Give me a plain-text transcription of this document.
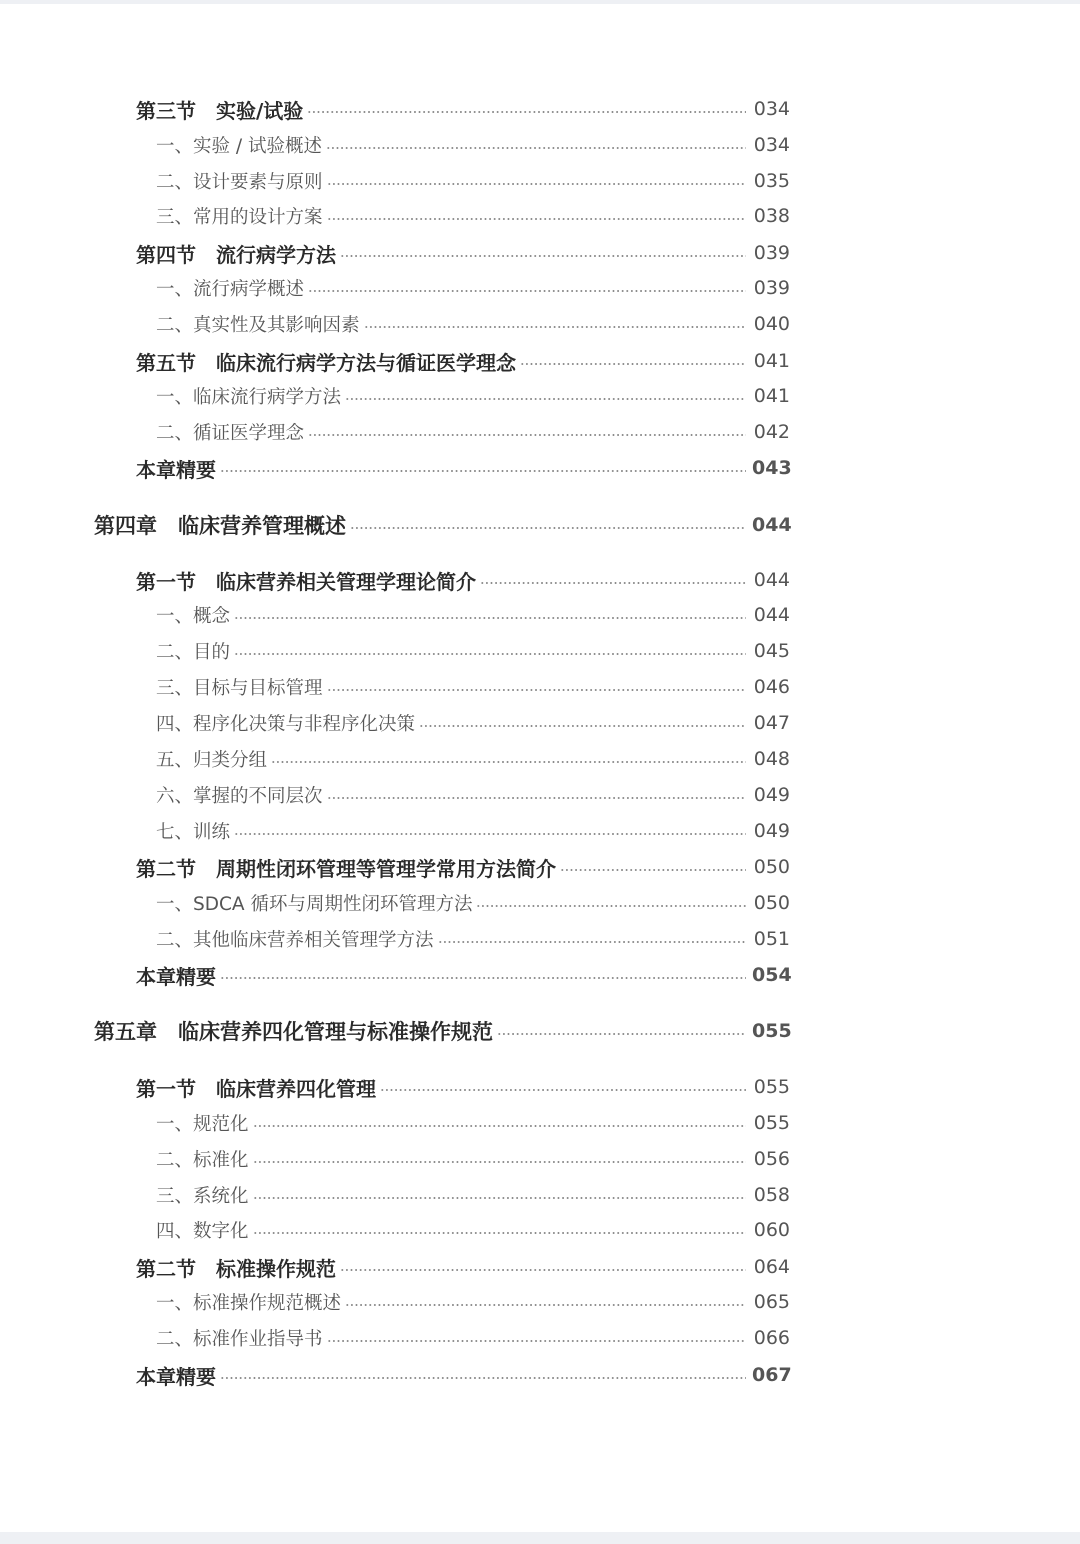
第三节　实验/试验	034
一、实验 / 试验概述	034
二、设计要素与原则	035
三、常用的设计方案	038
第四节　流行病学方法	039
一、流行病学概述	039
二、真实性及其影响因素	040
第五节　临床流行病学方法与循证医学理念	041
一、临床流行病学方法	041
二、循证医学理念	042
本章精要	043
第四章　临床营养管理概述	044
第一节　临床营养相关管理学理论简介	044
一、概念	044
二、目的	045
三、目标与目标管理	046
四、程序化决策与非程序化决策	047
五、归类分组	048
六、掌握的不同层次	049
七、训练	049
第二节　周期性闭环管理等管理学常用方法简介	050
一、SDCA 循环与周期性闭环管理方法	050
二、其他临床营养相关管理学方法	051
本章精要	054
第五章　临床营养四化管理与标准操作规范	055
第一节　临床营养四化管理	055
一、规范化	055
二、标准化	056
三、系统化	058
四、数字化	060
第二节　标准操作规范	064
一、标准操作规范概述	065
二、标准作业指导书	066
本章精要	067
